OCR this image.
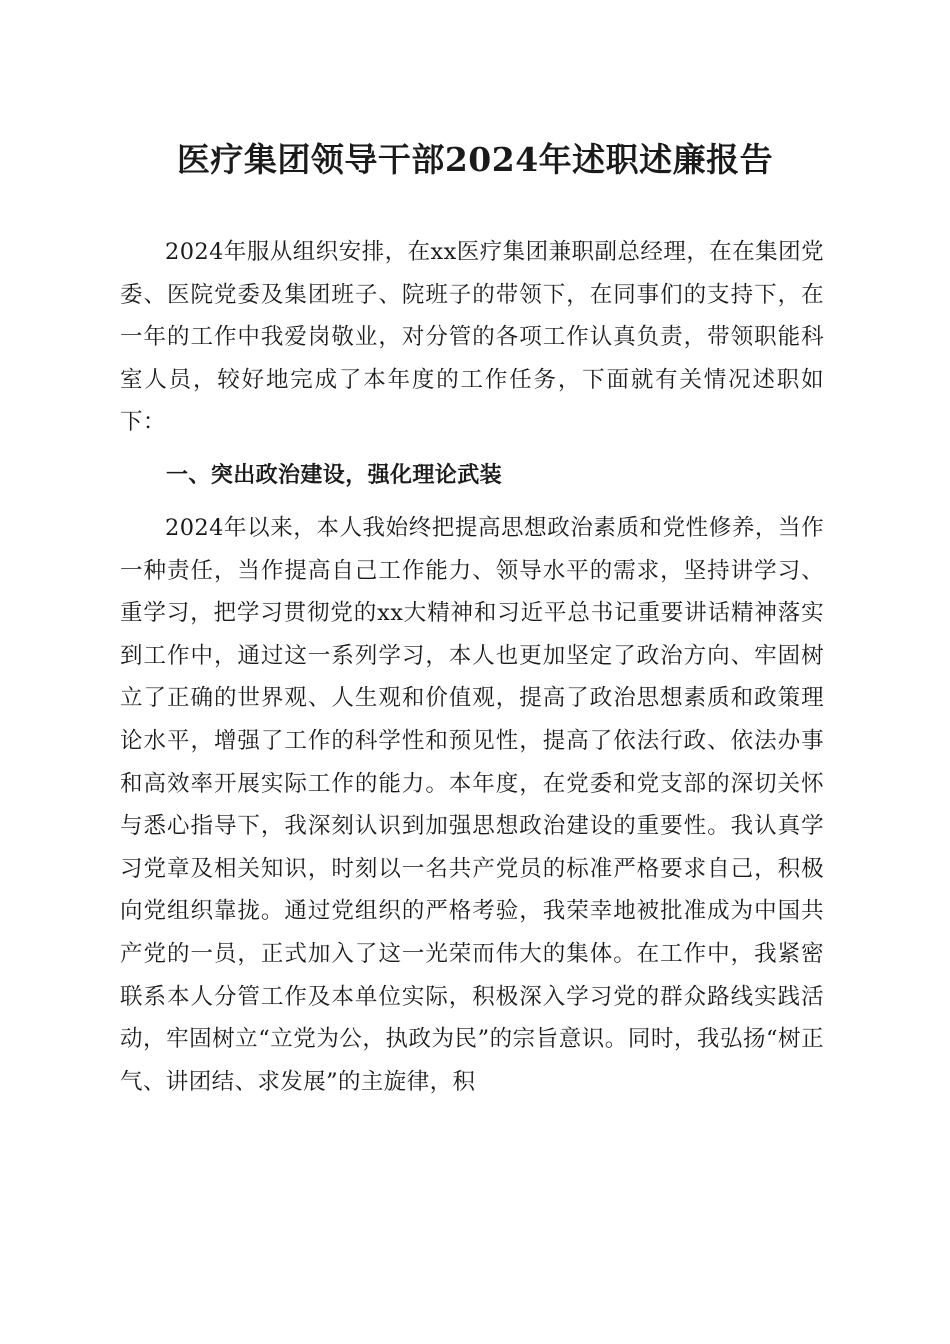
医疗集团领导干部2024年述职述廉报告

2024年服从组织安排，在xx医疗集团兼职副总经理，在在集团党委、医院党委及集团班子、院班子的带领下，在同事们的支持下，在一年的工作中我爱岗敬业，对分管的各项工作认真负责，带领职能科室人员，较好地完成了本年度的工作任务，下面就有关情况述职如下：

一、突出政治建设，强化理论武装

2024年以来，本人我始终把提高思想政治素质和党性修养，当作一种责任，当作提高自己工作能力、领导水平的需求，坚持讲学习、重学习，把学习贯彻党的xx大精神和习近平总书记重要讲话精神落实到工作中，通过这一系列学习，本人也更加坚定了政治方向、牢固树立了正确的世界观、人生观和价值观，提高了政治思想素质和政策理论水平，增强了工作的科学性和预见性，提高了依法行政、依法办事和高效率开展实际工作的能力。本年度，在党委和党支部的深切关怀与悉心指导下，我深刻认识到加强思想政治建设的重要性。我认真学习党章及相关知识，时刻以一名共产党员的标准严格要求自己，积极向党组织靠拢。通过党组织的严格考验，我荣幸地被批准成为中国共产党的一员，正式加入了这一光荣而伟大的集体。在工作中，我紧密联系本人分管工作及本单位实际，积极深入学习党的群众路线实践活动，牢固树立“立党为公，执政为民”的宗旨意识。同时，我弘扬“树正气、讲团结、求发展”的主旋律，积
